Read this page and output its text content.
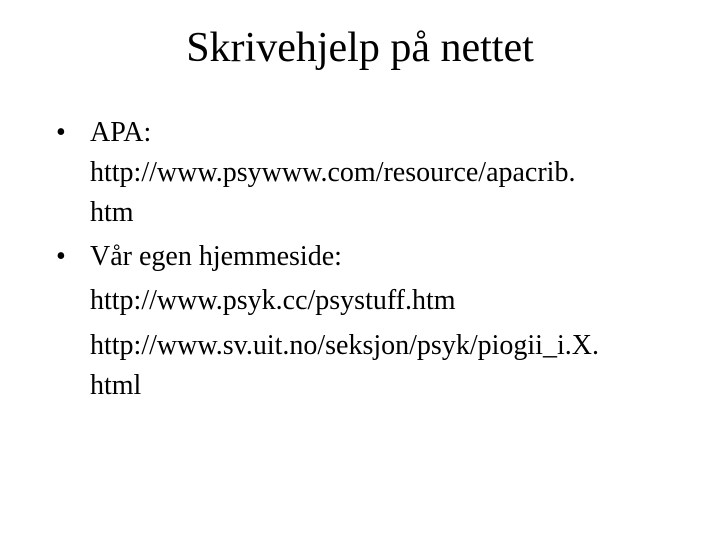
Skrivehjelp på nettet
• APA:
http://www.psywww.com/resource/apacrib.
htm
• Vår egen hjemmeside:
http://www.psyk.cc/psystuff.htm
http://www.sv.uit.no/seksjon/psyk/piogii_i.X.
html
